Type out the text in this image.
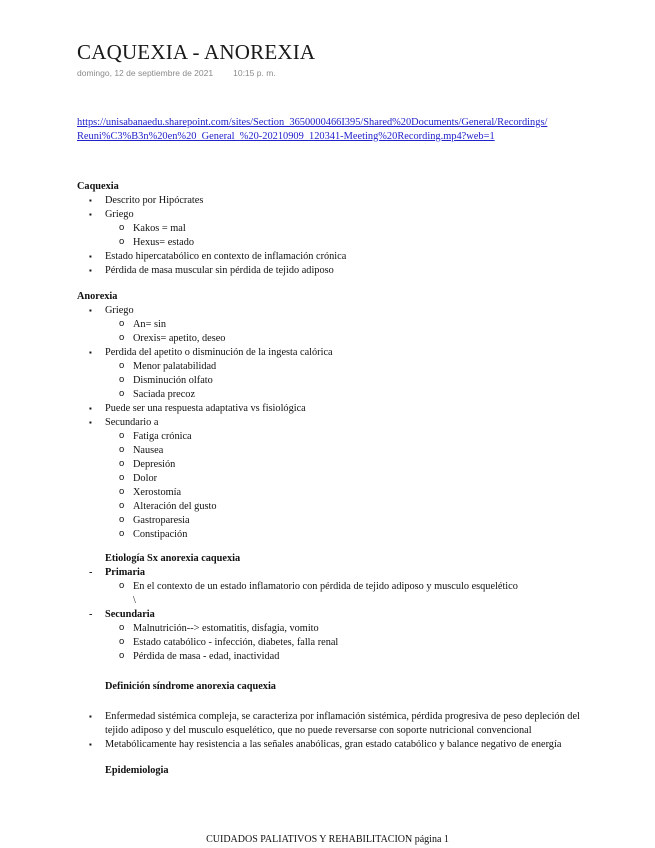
CAQUEXIA - ANOREXIA
domingo, 12 de septiembre de 2021 10:15 p. m.
https://unisabanaedu.sharepoint.com/sites/Section_3650000466I395/Shared%20Documents/General/Recordings/Reuni%C3%B3n%20en%20_General_%20-20210909_120341-Meeting%20Recording.mp4?web=1
Caquexia
▪ Descrito por Hipócrates
▪ Griego
o Kakos = mal
o Hexus= estado
▪ Estado hipercatabólico en contexto de inflamación crónica
▪ Pérdida de masa muscular sin pérdida de tejido adiposo
Anorexia
▪ Griego
o An= sin
o Orexis= apetito, deseo
▪ Perdida del apetito o disminución de la ingesta calórica
o Menor palatabilidad
o Disminución olfato
o Saciada precoz
▪ Puede ser una respuesta adaptativa vs fisiológica
▪ Secundario a
o Fatiga crónica
o Nausea
o Depresión
o Dolor
o Xerostomía
o Alteración del gusto
o Gastroparesia
o Constipación
Etiología Sx anorexia caquexia
- Primaria
o En el contexto de un estado inflamatorio con pérdida de tejido adiposo y musculo esquelético
\
- Secundaria
o Malnutrición--> estomatitis, disfagia, vomito
o Estado catabólico - infección, diabetes, falla renal
o Pérdida de masa - edad, inactividad
Definición síndrome anorexia caquexia
▪ Enfermedad sistémica compleja, se caracteriza por inflamación sistémica, pérdida progresiva de peso depleción del tejido adiposo y del musculo esquelético, que no puede reversarse con soporte nutricional convencional
▪ Metabólicamente hay resistencia a las señales anabólicas, gran estado catabólico y balance negativo de energía
Epidemiologia
CUIDADOS PALIATIVOS Y REHABILITACION página 1
